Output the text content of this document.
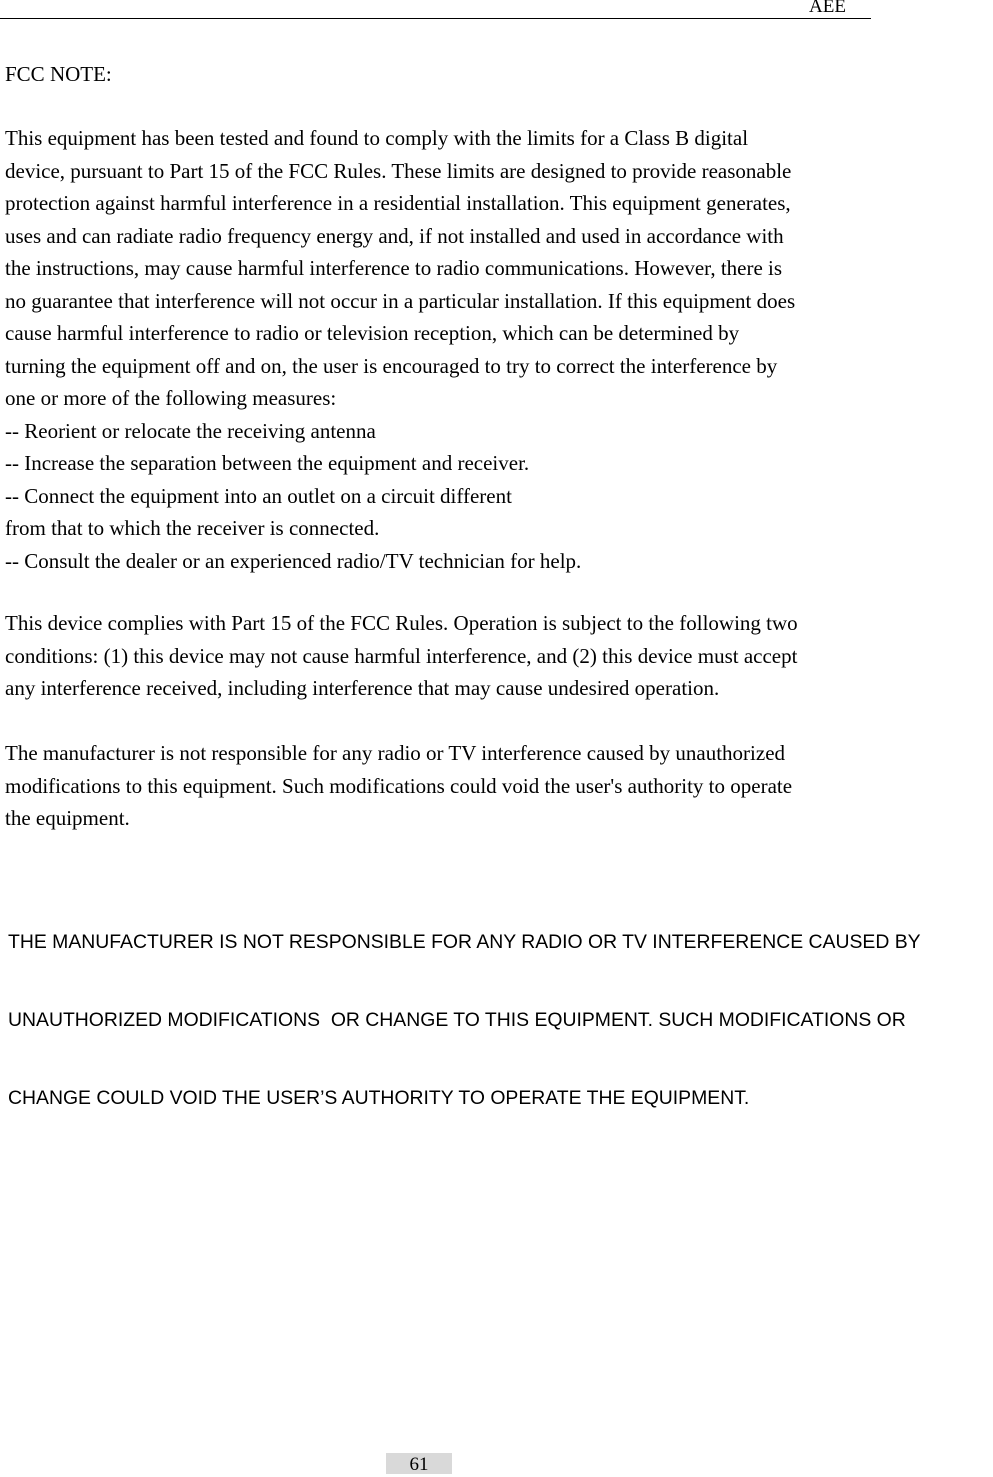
AEE
FCC NOTE:
This equipment has been tested and found to comply with the limits for a Class B digital
device, pursuant to Part 15 of the FCC Rules. These limits are designed to provide reasonable
protection against harmful interference in a residential installation. This equipment generates,
uses and can radiate radio frequency energy and, if not installed and used in accordance with
the instructions, may cause harmful interference to radio communications. However, there is
no guarantee that interference will not occur in a particular installation. If this equipment does
cause harmful interference to radio or television reception, which can be determined by
turning the equipment off and on, the user is encouraged to try to correct the interference by
one or more of the following measures:
-- Reorient or relocate the receiving antenna
-- Increase the separation between the equipment and receiver.
-- Connect the equipment into an outlet on a circuit different
from that to which the receiver is connected.
-- Consult the dealer or an experienced radio/TV technician for help.
This device complies with Part 15 of the FCC Rules. Operation is subject to the following two
conditions: (1) this device may not cause harmful interference, and (2) this device must accept
any interference received, including interference that may cause undesired operation.
The manufacturer is not responsible for any radio or TV interference caused by unauthorized
modifications to this equipment. Such modifications could void the user's authority to operate
the equipment.

THE MANUFACTURER IS NOT RESPONSIBLE FOR ANY RADIO OR TV INTERFERENCE CAUSED BY

UNAUTHORIZED MODIFICATIONS  OR CHANGE TO THIS EQUIPMENT. SUCH MODIFICATIONS OR

CHANGE COULD VOID THE USER’S AUTHORITY TO OPERATE THE EQUIPMENT.

61
